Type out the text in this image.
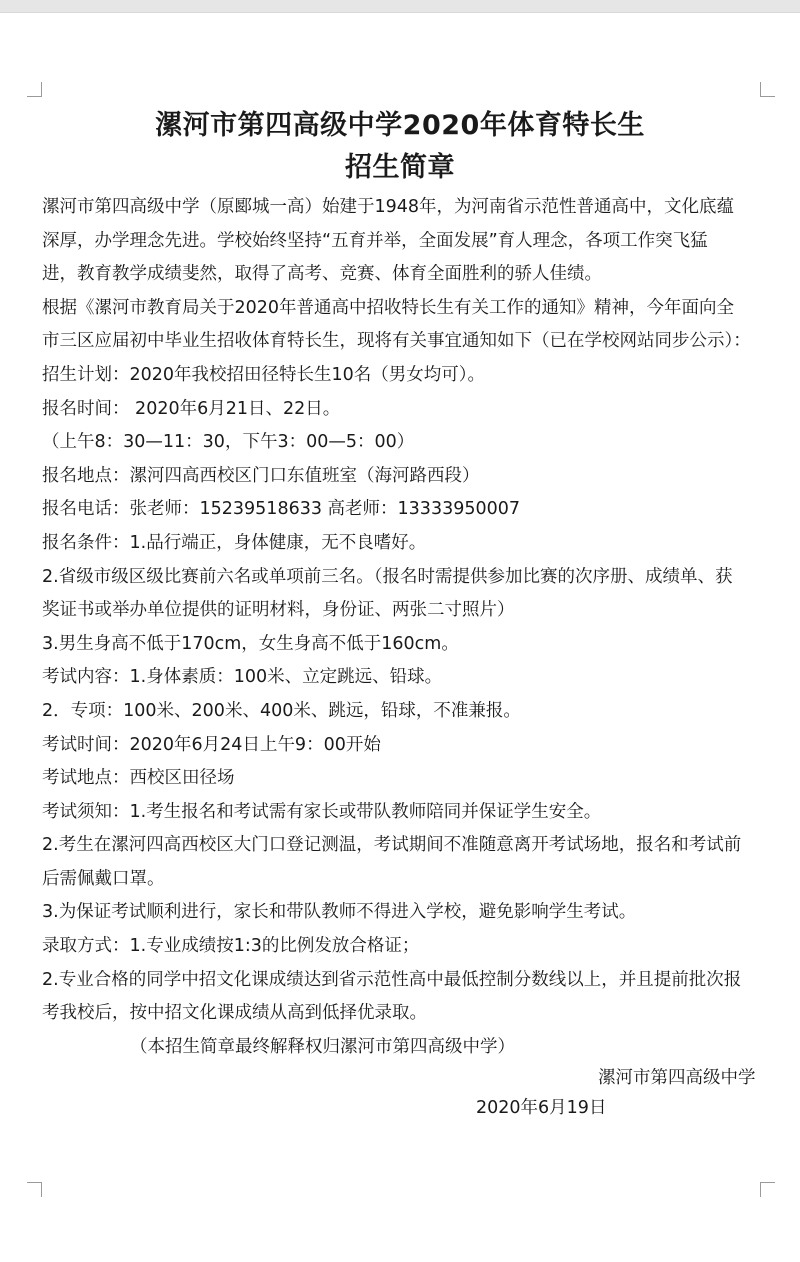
漯河市第四高级中学2020年体育特长生
招生简章
漯河市第四高级中学（原郾城一高）始建于1948年，为河南省示范性普通高中，文化底蕴
深厚，办学理念先进。学校始终坚持“五育并举，全面发展”育人理念，各项工作突飞猛
进，教育教学成绩斐然，取得了高考、竞赛、体育全面胜利的骄人佳绩。
根据《漯河市教育局关于2020年普通高中招收特长生有关工作的通知》精神，今年面向全
市三区应届初中毕业生招收体育特长生，现将有关事宜通知如下（已在学校网站同步公示）：
招生计划：2020年我校招田径特长生10名（男女均可）。
报名时间： 2020年6月21日、22日。
（上午8：30—11：30，下午3：00—5：00）
报名地点：漯河四高西校区门口东值班室（海河路西段）
报名电话：张老师：15239518633 高老师：13333950007
报名条件：1.品行端正，身体健康，无不良嗜好。
2.省级市级区级比赛前六名或单项前三名。（报名时需提供参加比赛的次序册、成绩单、获
奖证书或举办单位提供的证明材料，身份证、两张二寸照片）
3.男生身高不低于170cm，女生身高不低于160cm。
考试内容：1.身体素质：100米、立定跳远、铅球。
2．专项：100米、200米、400米、跳远，铅球，不准兼报。
考试时间：2020年6月24日上午9：00开始
考试地点：西校区田径场
考试须知：1.考生报名和考试需有家长或带队教师陪同并保证学生安全。
2.考生在漯河四高西校区大门口登记测温，考试期间不准随意离开考试场地，报名和考试前
后需佩戴口罩。
3.为保证考试顺利进行，家长和带队教师不得进入学校，避免影响学生考试。
录取方式：1.专业成绩按1:3的比例发放合格证；
2.专业合格的同学中招文化课成绩达到省示范性高中最低控制分数线以上，并且提前批次报
考我校后，按中招文化课成绩从高到低择优录取。
（本招生简章最终解释权归漯河市第四高级中学）
漯河市第四高级中学
2020年6月19日
